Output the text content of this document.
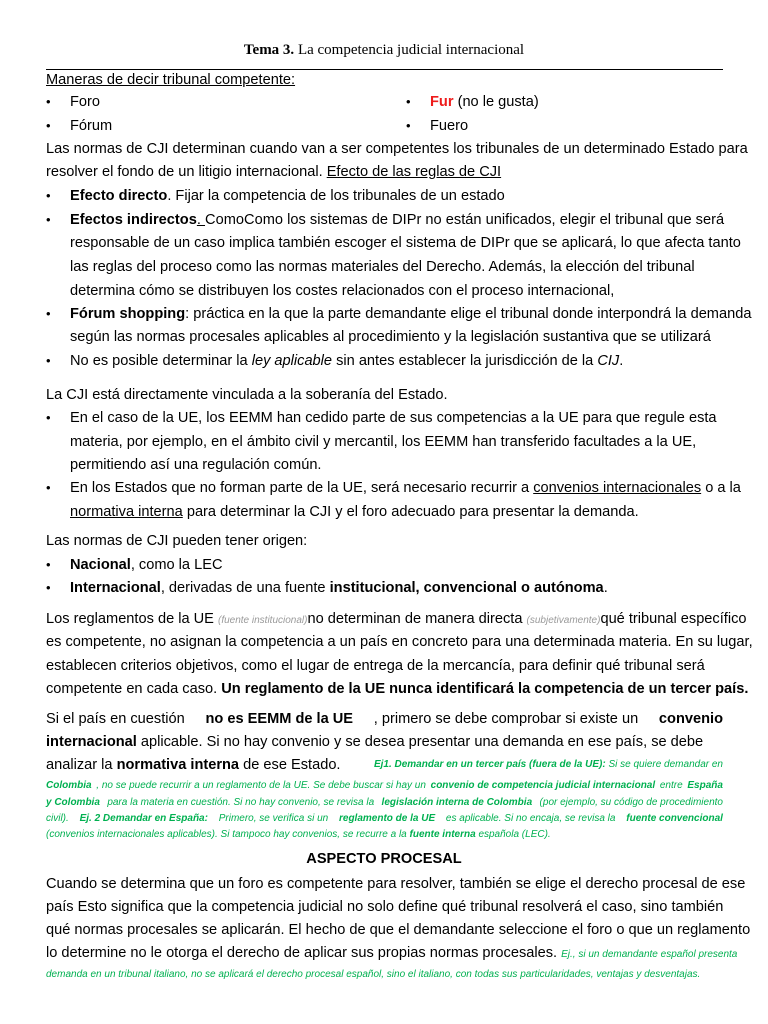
Tema 3. La competencia judicial internacional
Maneras de decir tribunal competente:
• Foro	• Fur (no le gusta)
• Fórum	• Fuero
Las normas de CJI determinan cuando van a ser competentes los tribunales de un determinado Estado para
resolver el fondo de un litigio internacional. Efecto de las reglas de CJI
• Efecto directo. Fijar la competencia de los tribunales de un estado
• Efectos indirectos. Como Como los sistemas de DIPr no están unificados, elegir el tribunal que será
responsable de un caso implica también escoger el sistema de DIPr que se aplicará, lo que afecta tanto
las reglas del proceso como las normas materiales del Derecho. Además, la elección del tribunal
determina cómo se distribuyen los costes relacionados con el proceso internacional,
• Fórum shopping: práctica en la que la parte demandante elige el tribunal donde interpondrá la demanda
según las normas procesales aplicables al procedimiento y la legislación sustantiva que se utilizará
• No es posible determinar la ley aplicable sin antes establecer la jurisdicción de la CIJ.
La CJI está directamente vinculada a la soberanía del Estado.
• En el caso de la UE, los EEMM han cedido parte de sus competencias a la UE para que regule esta
materia, por ejemplo, en el ámbito civil y mercantil, los EEMM han transferido facultades a la UE,
permitiendo así una regulación común.
• En los Estados que no forman parte de la UE, será necesario recurrir a convenios internacionales o a la
normativa interna para determinar la CJI y el foro adecuado para presentar la demanda.
Las normas de CJI pueden tener origen:
• Nacional, como la LEC
• Internacional, derivadas de una fuente institucional, convencional o autónoma.
Los reglamentos de la UE (fuente institucional) no determinan de manera directa (subjetivamente) qué tribunal específico
es competente, no asignan la competencia a un país en concreto para una determinada materia. En su lugar,
establecen criterios objetivos, como el lugar de entrega de la mercancía, para definir qué tribunal será
competente en cada caso. Un reglamento de la UE nunca identificará la competencia de un tercer país.
Si el país en cuestión no es EEMM de la UE , primero se debe comprobar si existe un convenio
internacional aplicable. Si no hay convenio y se desea presentar una demanda en ese país, se debe
analizar la normativa interna de ese Estado.	Ej1. Demandar en un tercer país (fuera de la UE): Si se quiere demandar en
Colombia , no se puede recurrir a un reglamento de la UE. Se debe buscar si hay un convenio de competencia judicial internacional entre España
y Colombia para la materia en cuestión. Si no hay convenio, se revisa la legislación interna de Colombia (por ejemplo, su código de procedimiento
civil). Ej. 2 Demandar en España: Primero, se verifica si un reglamento de la UE es aplicable. Si no encaja, se revisa la fuente convencional
(convenios internacionales aplicables). Si tampoco hay convenios, se recurre a la fuente interna española (LEC).
ASPECTO PROCESAL
Cuando se determina que un foro es competente para resolver, también se elige el derecho procesal de ese
país Esto significa que la competencia judicial no solo define qué tribunal resolverá el caso, sino también
qué normas procesales se aplicarán. El hecho de que el demandante seleccione el foro o que un reglamento
lo determine no le otorga el derecho de aplicar sus propias normas procesales. Ej., si un demandante español presenta
demanda en un tribunal italiano, no se aplicará el derecho procesal español, sino el italiano, con todas sus particularidades, ventajas y desventajas.
